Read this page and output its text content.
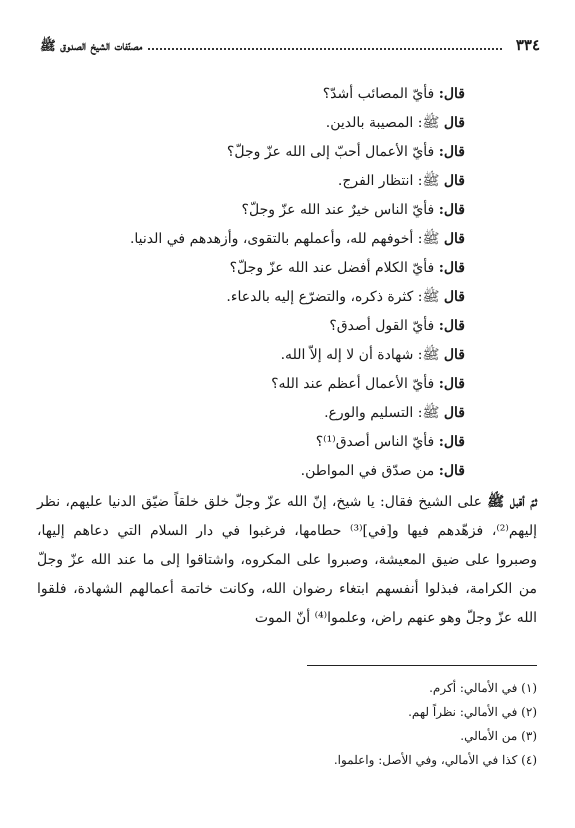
٣٣٤
مصنّفات الشيخ الصدوق ﷺ
قال: فأيّ المصائب أشدّ؟
قال ﷺ: المصيبة بالدين.
قال: فأيّ الأعمال أحبّ إلى الله عزّ وجلّ؟
قال ﷺ: انتظار الفرج.
قال: فأيّ الناس خيرٌ عند الله عزّ وجلّ؟
قال ﷺ: أخوفهم لله، وأعملهم بالتقوى، وأزهدهم في الدنيا.
قال: فأيّ الكلام أفضل عند الله عزّ وجلّ؟
قال ﷺ: كثرة ذكره، والتضرّع إليه بالدعاء.
قال: فأيّ القول أصدق؟
قال ﷺ: شهادة أن لا إله إلاّ الله.
قال: فأيّ الأعمال أعظم عند الله؟
قال ﷺ: التسليم والورع.
قال: فأيّ الناس أصدق⁽¹⁾؟
قال: من صدّق في المواطن.
ثمّ أقبل ﷺ على الشيخ فقال: يا شيخ، إنّ الله عزّ وجلّ خلق خلقاً ضيّق الدنيا عليهم، نظر إليهم⁽²⁾، فزهّدهم فيها و[في]⁽³⁾ حطامها، فرغبوا في دار السلام التي دعاهم إليها، وصبروا على ضيق المعيشة، وصبروا على المكروه، واشتاقوا إلى ما عند الله عزّ وجلّ من الكرامة، فبذلوا أنفسهم ابتغاء رضوان الله، وكانت خاتمة أعمالهم الشهادة، فلقوا الله عزّ وجلّ وهو عنهم راض، وعلموا⁽⁴⁾ أنّ الموت
(١) في الأمالي: أكرم.
(٢) في الأمالي: نظراً لهم.
(٣) من الأمالي.
(٤) كذا في الأمالي، وفي الأصل: واعلموا.
